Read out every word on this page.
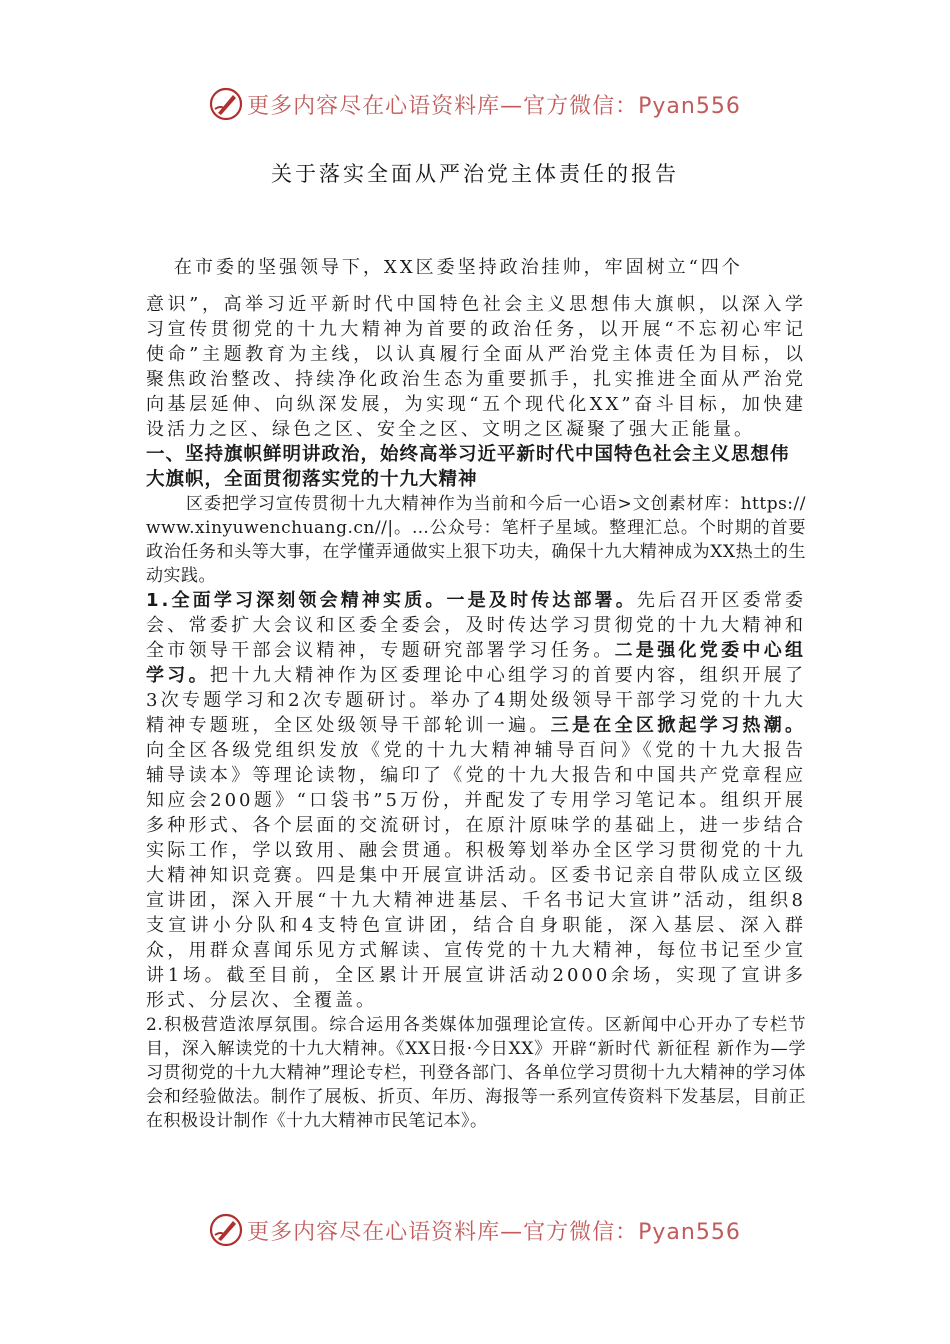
更多内容尽在心语资料库—官方微信：Pyan556
关于落实全面从严治党主体责任的报告

在市委的坚强领导下，XX区委坚持政治挂帅，牢固树立“四个

意识”，高举习近平新时代中国特色社会主义思想伟大旗帜，以深入学习宣传贯彻党的十九大精神为首要的政治任务，以开展“不忘初心牢记使命”主题教育为主线，以认真履行全面从严治党主体责任为目标，以聚焦政治整改、持续净化政治生态为重要抓手，扎实推进全面从严治党向基层延伸、向纵深发展，为实现“五个现代化XX”奋斗目标，加快建设活力之区、绿色之区、安全之区、文明之区凝聚了强大正能量。

一、坚持旗帜鲜明讲政治，始终高举习近平新时代中国特色社会主义思想伟大旗帜，全面贯彻落实党的十九大精神

区委把学习宣传贯彻十九大精神作为当前和今后一心语>文创素材库：https://www.xinyuwenchuang.cn//|。…公众号：笔杆子星域。整理汇总。个时期的首要政治任务和头等大事，在学懂弄通做实上狠下功夫，确保十九大精神成为XX热土的生动实践。

1.全面学习深刻领会精神实质。一是及时传达部署。先后召开区委常委会、常委扩大会议和区委全委会，及时传达学习贯彻党的十九大精神和全市领导干部会议精神，专题研究部署学习任务。二是强化党委中心组学习。把十九大精神作为区委理论中心组学习的首要内容，组织开展了3次专题学习和2次专题研讨。举办了4期处级领导干部学习党的十九大精神专题班，全区处级领导干部轮训一遍。三是在全区掀起学习热潮。向全区各级党组织发放《党的十九大精神辅导百问》《党的十九大报告辅导读本》等理论读物，编印了《党的十九大报告和中国共产党章程应知应会200题》“口袋书”5万份，并配发了专用学习笔记本。组织开展多种形式、各个层面的交流研讨，在原汁原味学的基础上，进一步结合实际工作，学以致用、融会贯通。积极筹划举办全区学习贯彻党的十九大精神知识竞赛。四是集中开展宣讲活动。区委书记亲自带队成立区级宣讲团，深入开展“十九大精神进基层、千名书记大宣讲”活动，组织8支宣讲小分队和4支特色宣讲团，结合自身职能，深入基层、深入群众，用群众喜闻乐见方式解读、宣传党的十九大精神，每位书记至少宣讲1场。截至目前，全区累计开展宣讲活动2000余场，实现了宣讲多形式、分层次、全覆盖。

2.积极营造浓厚氛围。综合运用各类媒体加强理论宣传。区新闻中心开办了专栏节目，深入解读党的十九大精神。《XX日报·今日XX》开辟“新时代 新征程 新作为—学习贯彻党的十九大精神”理论专栏，刊登各部门、各单位学习贯彻十九大精神的学习体会和经验做法。制作了展板、折页、年历、海报等一系列宣传资料下发基层，目前正在积极设计制作《十九大精神市民笔记本》。

更多内容尽在心语资料库—官方微信：Pyan556
